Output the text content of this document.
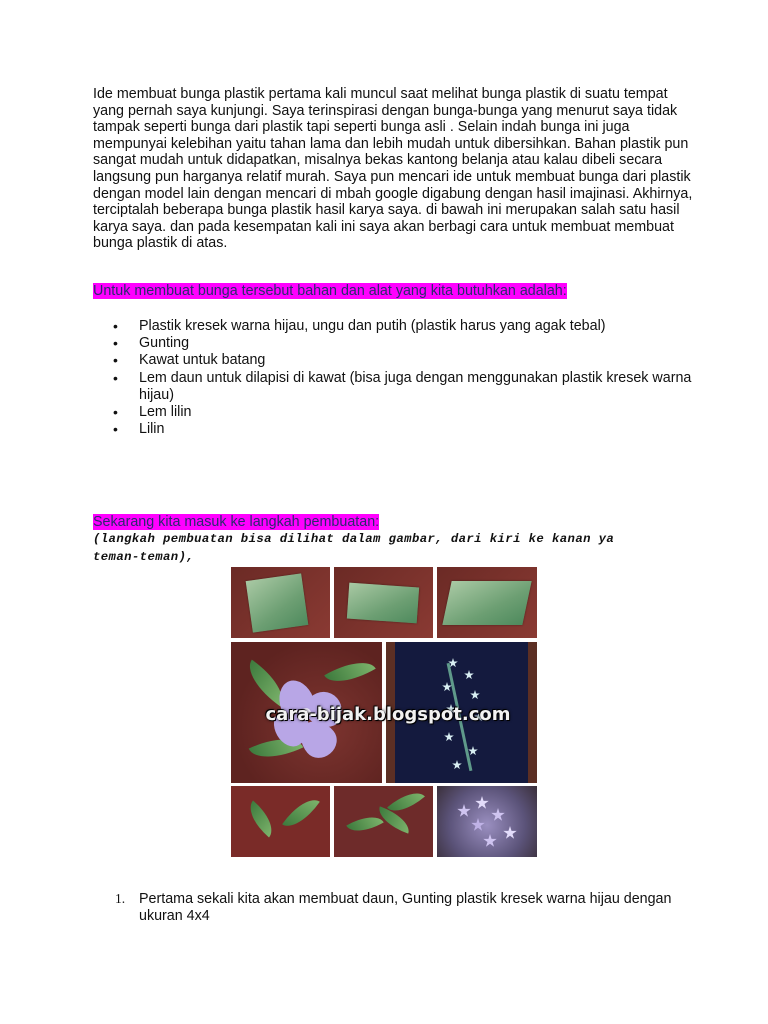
Ide membuat bunga plastik pertama kali muncul saat melihat bunga plastik di suatu tempat yang pernah saya kunjungi. Saya terinspirasi dengan bunga-bunga yang menurut saya tidak tampak seperti bunga dari plastik tapi seperti bunga asli . Selain indah bunga ini juga mempunyai kelebihan yaitu tahan lama dan lebih mudah untuk dibersihkan. Bahan plastik pun sangat mudah untuk didapatkan, misalnya bekas kantong belanja atau kalau dibeli secara langsung pun harganya relatif murah. Saya pun mencari ide untuk membuat bunga dari plastik dengan model lain dengan mencari di mbah google digabung dengan hasil imajinasi. Akhirnya, terciptalah beberapa bunga plastik hasil karya saya. di bawah ini merupakan salah satu hasil karya saya. dan pada kesempatan kali ini saya akan berbagi cara untuk membuat membuat bunga plastik di atas.

Untuk membuat bunga tersebut bahan dan alat yang kita butuhkan adalah:
• Plastik kresek warna hijau, ungu dan putih (plastik harus yang agak tebal)
• Gunting
• Kawat untuk batang
• Lem daun untuk dilapisi di kawat (bisa juga dengan menggunakan plastik kresek warna hijau)
• Lem lilin
• Lilin
Sekarang kita masuk ke langkah pembuatan:

(langkah pembuatan bisa dilihat dalam gambar, dari kiri ke kanan ya teman-teman),

cara-bijak.blogspot.com
1. Pertama sekali kita akan membuat daun, Gunting plastik kresek warna hijau dengan ukuran 4x4
